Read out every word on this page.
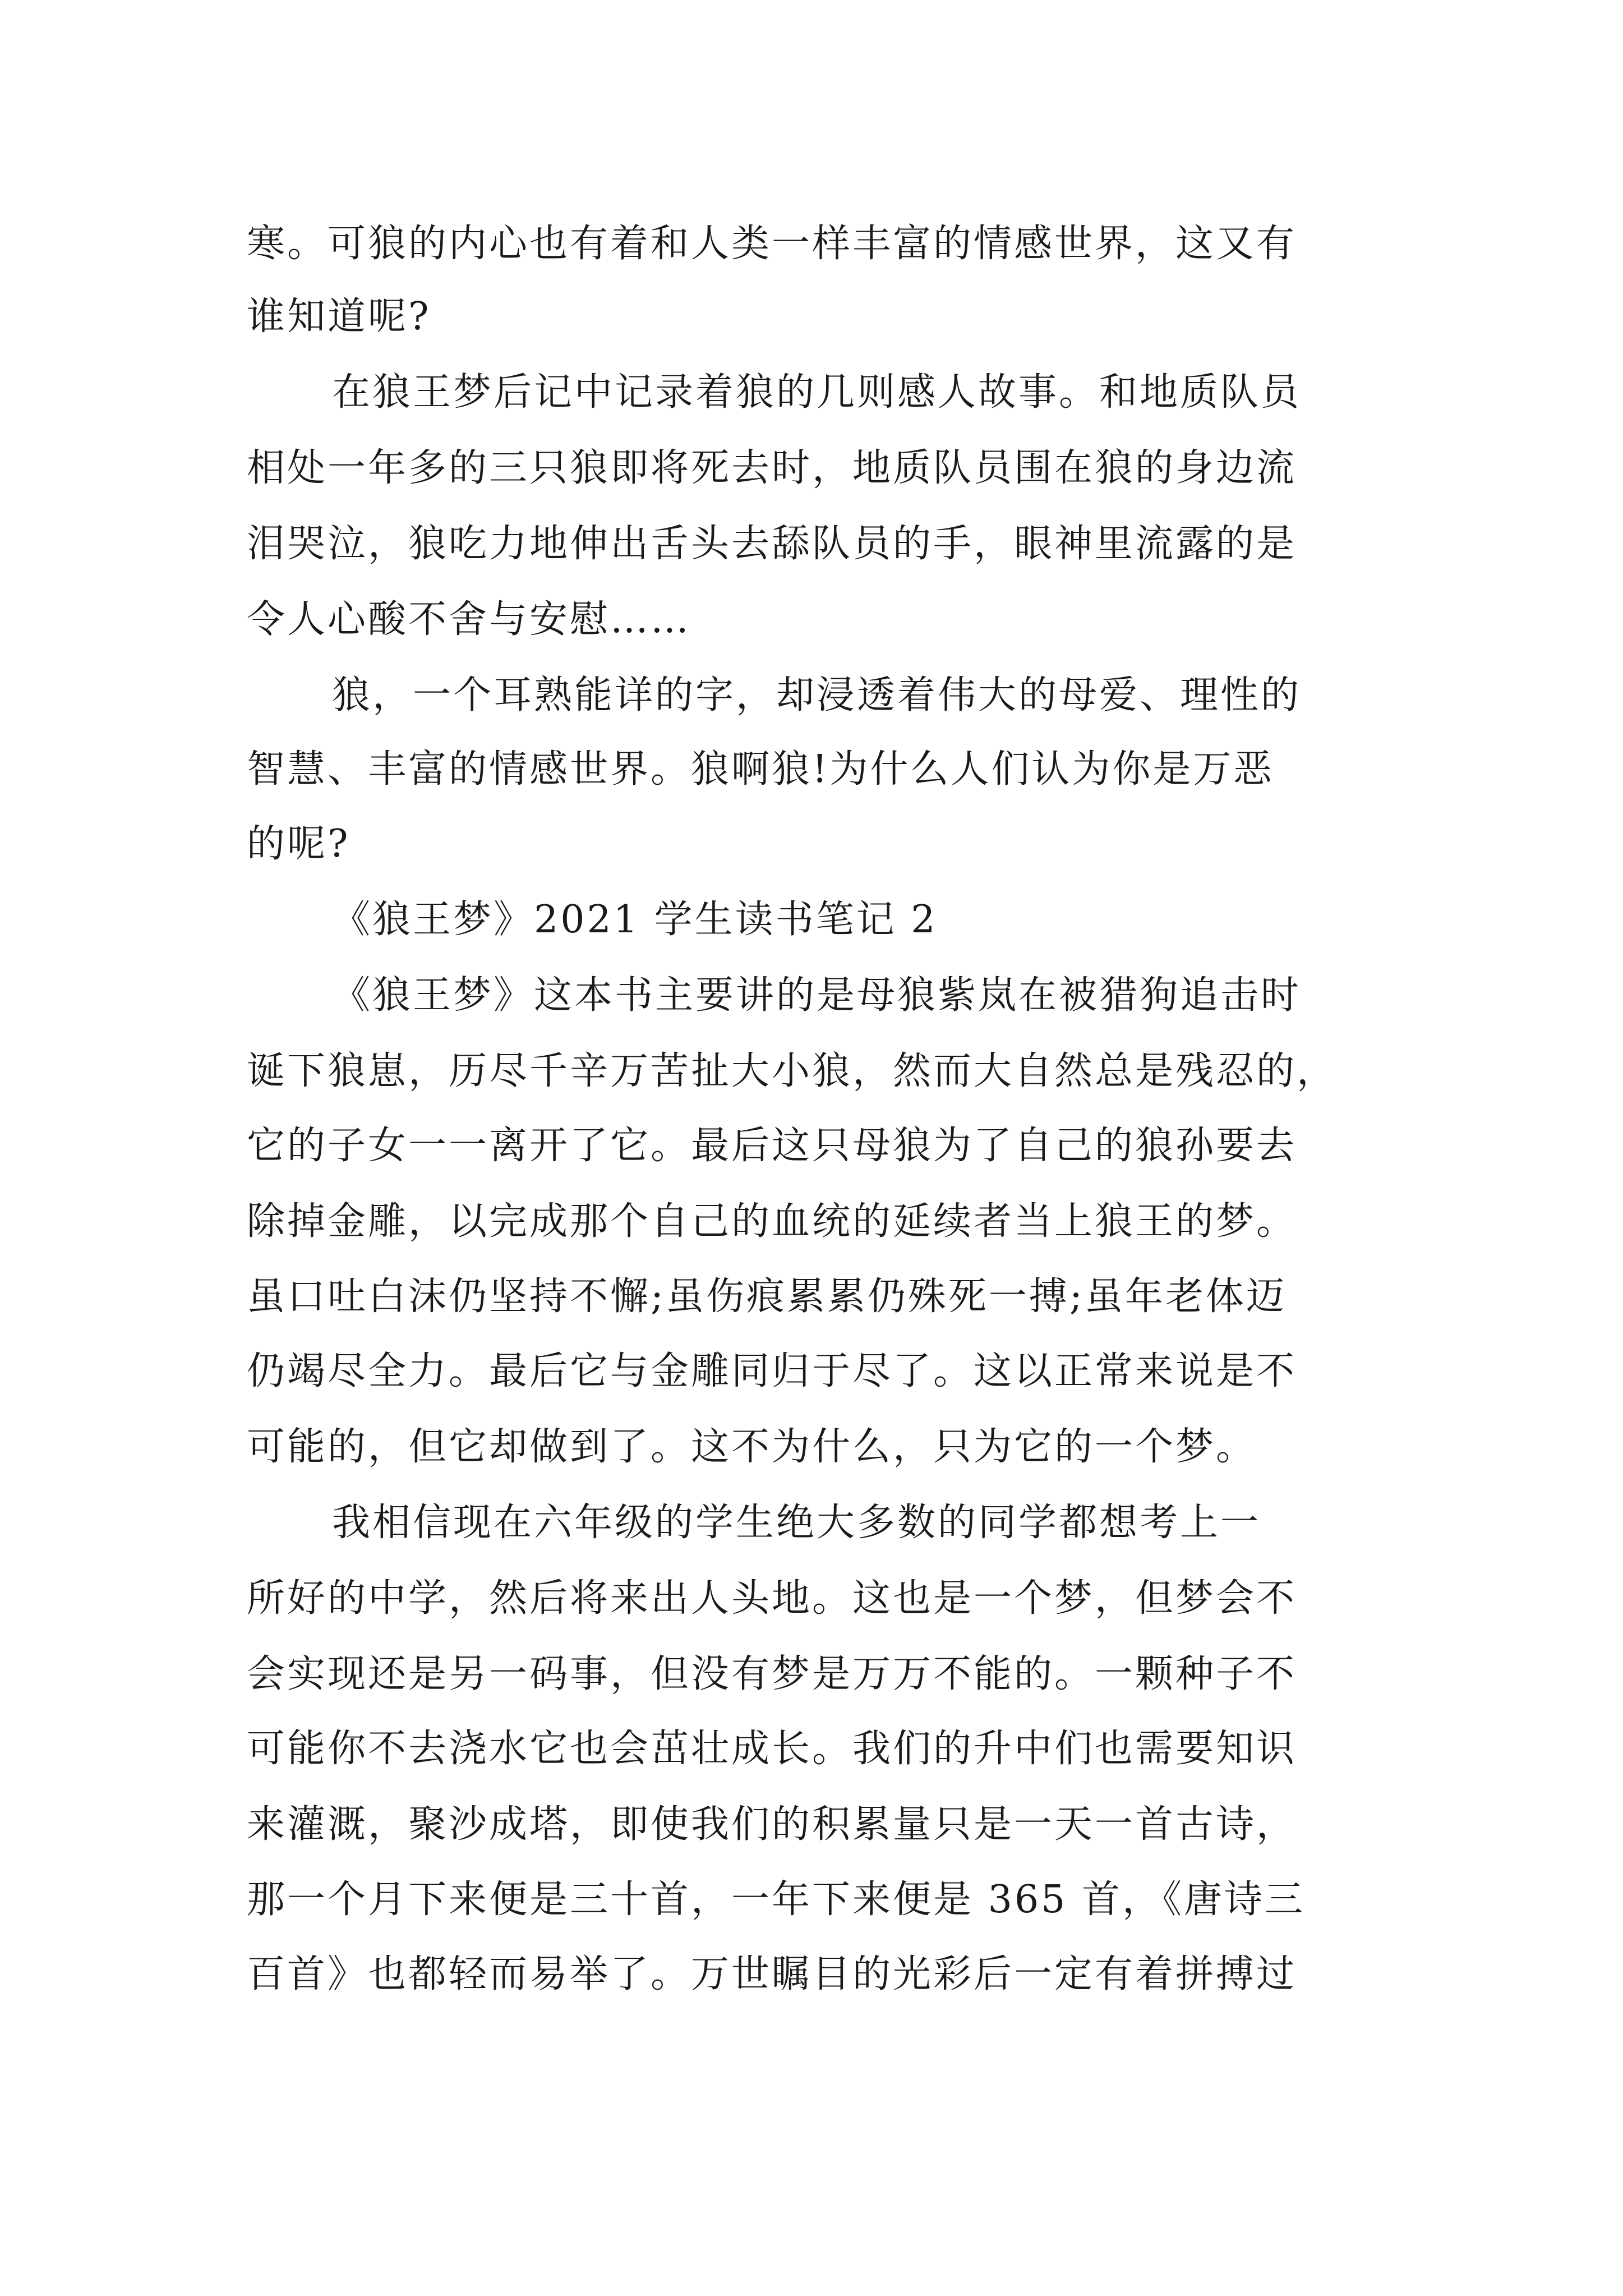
寒。可狼的内心也有着和人类一样丰富的情感世界，这又有
谁知道呢?
在狼王梦后记中记录着狼的几则感人故事。和地质队员
相处一年多的三只狼即将死去时，地质队员围在狼的身边流
泪哭泣，狼吃力地伸出舌头去舔队员的手，眼神里流露的是
令人心酸不舍与安慰……
狼，一个耳熟能详的字，却浸透着伟大的母爱、理性的
智慧、丰富的情感世界。狼啊狼!为什么人们认为你是万恶
的呢?
《狼王梦》2021 学生读书笔记 2
《狼王梦》这本书主要讲的是母狼紫岚在被猎狗追击时
诞下狼崽，历尽千辛万苦扯大小狼，然而大自然总是残忍的，
它的子女一一离开了它。最后这只母狼为了自己的狼孙要去
除掉金雕，以完成那个自己的血统的延续者当上狼王的梦。
虽口吐白沫仍坚持不懈;虽伤痕累累仍殊死一搏;虽年老体迈
仍竭尽全力。最后它与金雕同归于尽了。这以正常来说是不
可能的，但它却做到了。这不为什么，只为它的一个梦。
我相信现在六年级的学生绝大多数的同学都想考上一
所好的中学，然后将来出人头地。这也是一个梦，但梦会不
会实现还是另一码事，但没有梦是万万不能的。一颗种子不
可能你不去浇水它也会茁壮成长。我们的升中们也需要知识
来灌溉，聚沙成塔，即使我们的积累量只是一天一首古诗，
那一个月下来便是三十首，一年下来便是 365 首，《唐诗三
百首》也都轻而易举了。万世瞩目的光彩后一定有着拼搏过
